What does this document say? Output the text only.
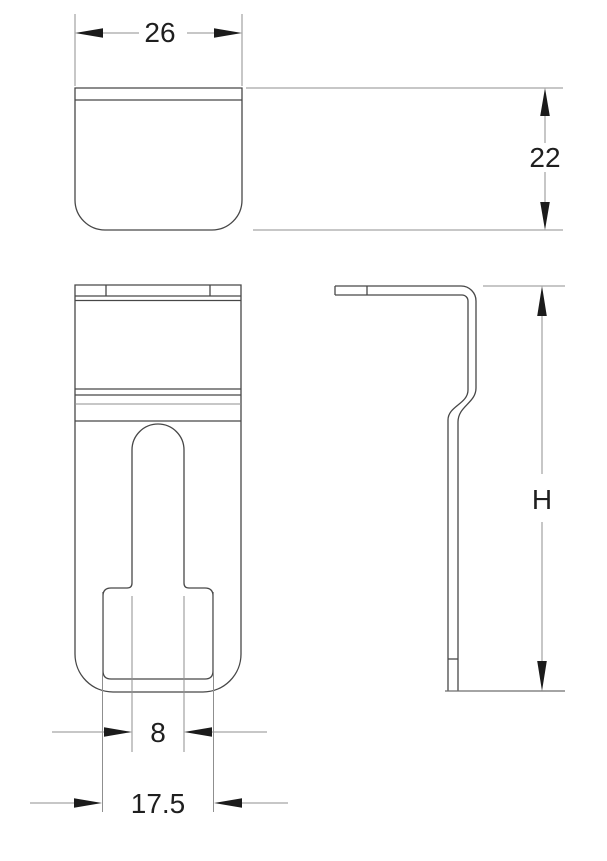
26
22
8
17.5
H
